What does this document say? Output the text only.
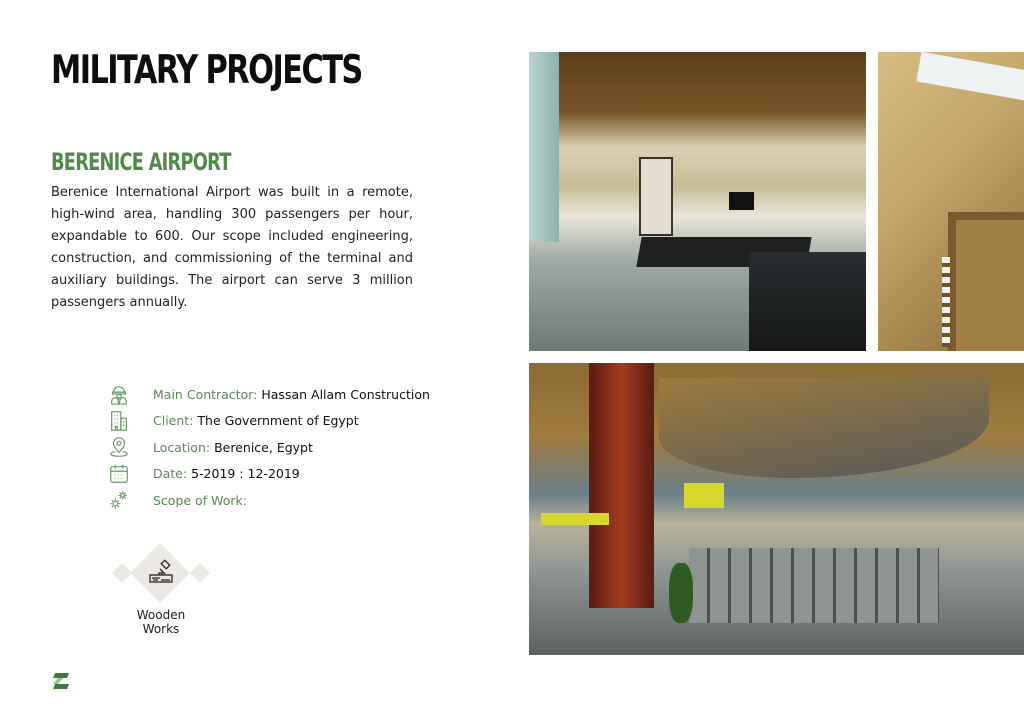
MILITARY PROJECTS
BERENICE AIRPORT
Berenice International Airport was built in a remote, high-wind area, handling 300 passengers per hour, expandable to 600. Our scope included engineering, construction, and commissioning of the terminal and auxiliary buildings. The airport can serve 3 million passengers annually.
Main Contractor: Hassan Allam Construction
Client: The Government of Egypt
Location: Berenice, Egypt
Date: 5-2019 : 12-2019
Scope of Work:
Wooden
Works
